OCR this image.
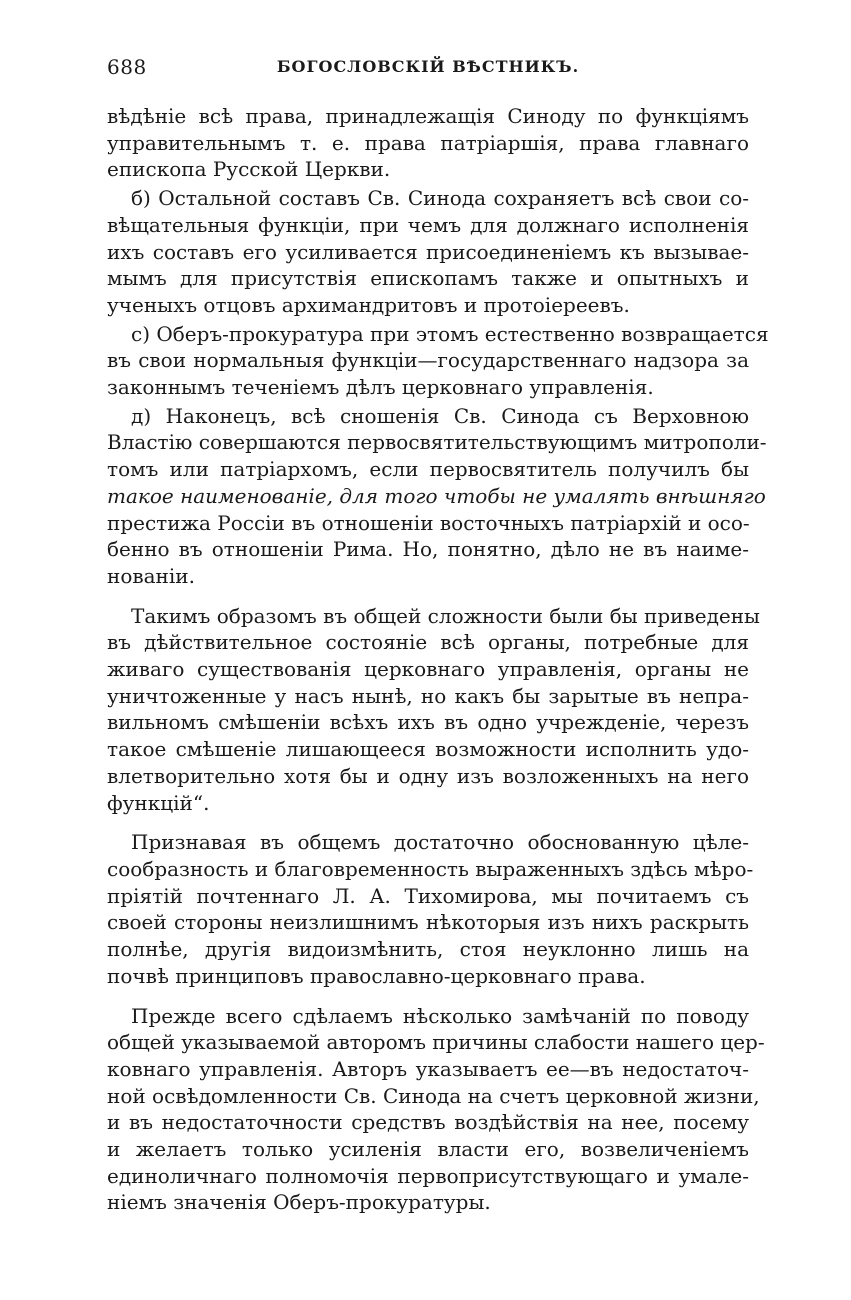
688	БОГОСЛОВСКІЙ ВѢСТНИКЪ.

вѣдѣніе всѣ права, принадлежащія Синоду по функціямъ
управительнымъ т. е. права патріаршія, права главнаго
епископа Русской Церкви.

б) Остальной составъ Св. Синода сохраняетъ всѣ свои со-
вѣщательныя функціи, при чемъ для должнаго исполненія
ихъ составъ его усиливается присоединеніемъ къ вызывае-
мымъ для присутствія епископамъ также и опытныхъ и
ученыхъ отцовъ архимандритовъ и протоіереевъ.

с) Оберъ-прокуратура при этомъ естественно возвращается
въ свои нормальныя функціи—государственнаго надзора за
законнымъ теченіемъ дѣлъ церковнаго управленія.

д) Наконецъ, всѣ сношенія Св. Синода съ Верховною
Властію совершаются первосвятительствующимъ митрополи-
томъ или патріархомъ, если первосвятитель получилъ бы
такое наименованіе, для того чтобы не умалять внѣшняго
престижа Россіи въ отношеніи восточныхъ патріархій и осо-
бенно въ отношеніи Рима. Но, понятно, дѣло не въ наиме-
нованіи.

Такимъ образомъ въ общей сложности были бы приведены
въ дѣйствительное состояніе всѣ органы, потребные для
живаго существованія церковнаго управленія, органы не
уничтоженные у насъ нынѣ, но какъ бы зарытые въ непра-
вильномъ смѣшеніи всѣхъ ихъ въ одно учрежденіе, черезъ
такое смѣшеніе лишающееся возможности исполнить удо-
влетворительно хотя бы и одну изъ возложенныхъ на него
функцій“.

Признавая въ общемъ достаточно обоснованную цѣле-
сообразность и благовременность выраженныхъ здѣсь мѣро-
пріятій почтеннаго Л. А. Тихомирова, мы почитаемъ съ
своей стороны неизлишнимъ нѣкоторыя изъ нихъ раскрыть
полнѣе, другія видоизмѣнить, стоя неуклонно лишь на
почвѣ принциповъ православно-церковнаго права.

Прежде всего сдѣлаемъ нѣсколько замѣчаній по поводу
общей указываемой авторомъ причины слабости нашего цер-
ковнаго управленія. Авторъ указываетъ ее—въ недостаточ-
ной освѣдомленности Св. Синода на счетъ церковной жизни,
и въ недостаточности средствъ воздѣйствія на нее, посему
и желаетъ только усиленія власти его, возвеличеніемъ
единоличнаго полномочія первоприсутствующаго и умале-
ніемъ значенія Оберъ-прокуратуры.
